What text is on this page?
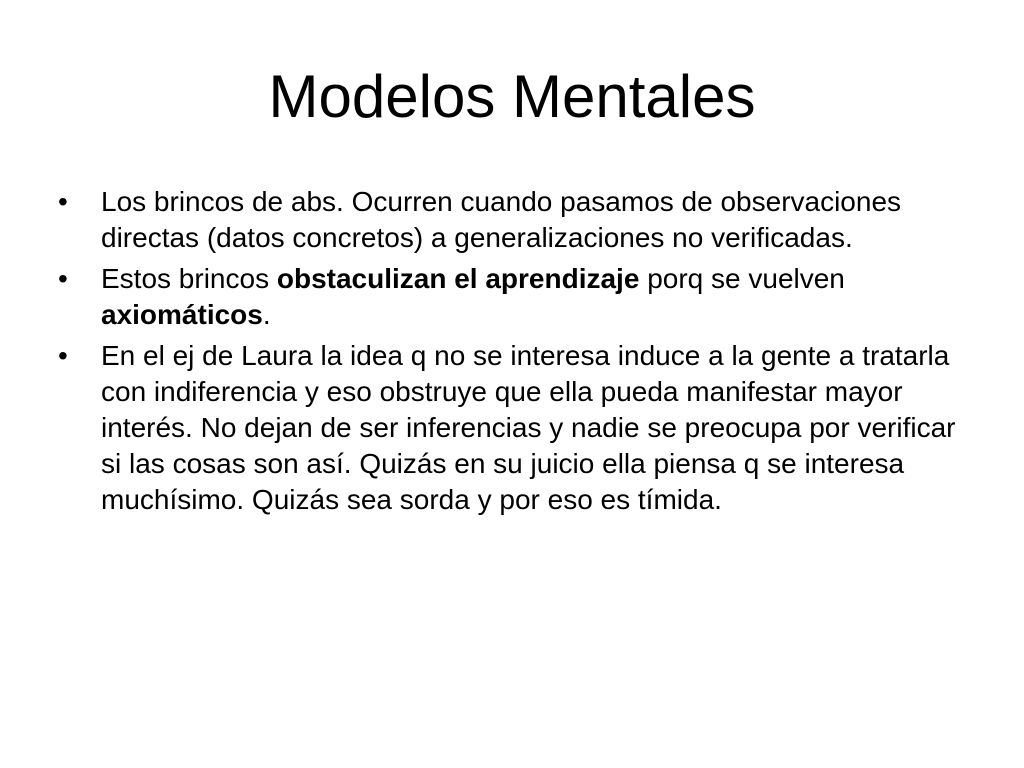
Modelos Mentales
•
Los brincos de abs. Ocurren cuando pasamos de observaciones directas (datos concretos) a generalizaciones no verificadas.
•
Estos brincos obstaculizan el aprendizaje porq se vuelven axiomáticos.
•
En el ej de Laura la idea q no se interesa induce a la gente a tratarla con indiferencia y eso obstruye que ella pueda manifestar mayor interés. No dejan de ser inferencias y nadie se preocupa por verificar si las cosas son así. Quizás en su juicio ella piensa q se interesa muchísimo. Quizás sea sorda y por eso es tímida.
